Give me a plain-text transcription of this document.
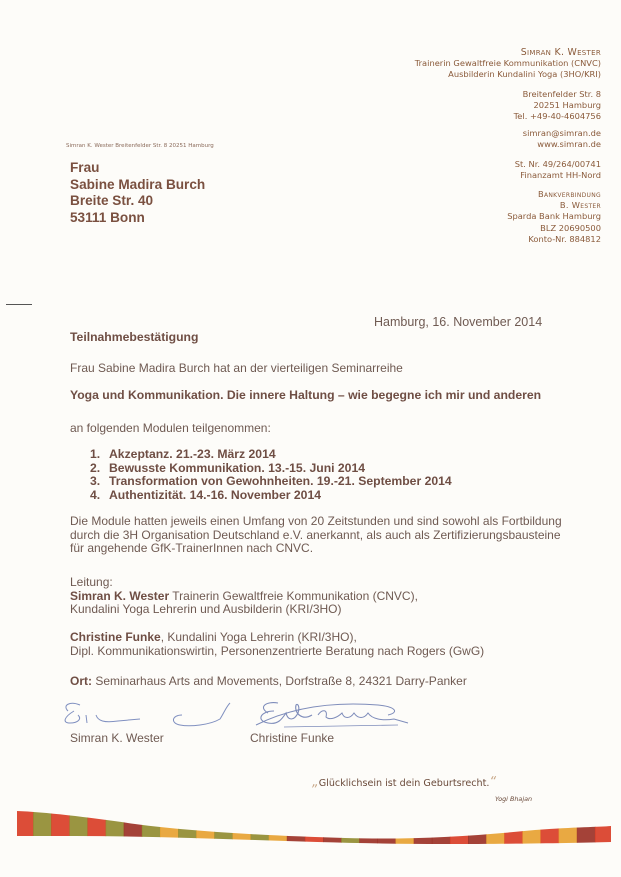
Simran K. Wester
Trainerin Gewaltfreie Kommunikation (CNVC)
Ausbilderin Kundalini Yoga (3HO/KRI)
Breitenfelder Str. 8
20251 Hamburg
Tel. +49-40-4604756
simran@simran.de
www.simran.de
St. Nr. 49/264/00741
Finanzamt HH-Nord
Bankverbindung
B. Wester
Sparda Bank Hamburg
BLZ 20690500
Konto-Nr. 884812
Simran K. Wester Breitenfelder Str. 8 20251 Hamburg
Frau
Sabine Madira Burch
Breite Str. 40
53111 Bonn
Hamburg, 16. November 2014
Teilnahmebestätigung
Frau Sabine Madira Burch hat an der vierteiligen Seminarreihe
Yoga und Kommunikation. Die innere Haltung – wie begegne ich mir und anderen
an folgenden Modulen teilgenommen:
1. Akzeptanz. 21.-23. März 2014
2. Bewusste Kommunikation. 13.-15. Juni 2014
3. Transformation von Gewohnheiten. 19.-21. September 2014
4. Authentizität. 14.-16. November 2014
Die Module hatten jeweils einen Umfang von 20 Zeitstunden und sind sowohl als Fortbildung
durch die 3H Organisation Deutschland e.V. anerkannt, als auch als Zertifizierungsbausteine
für angehende GfK-TrainerInnen nach CNVC.
Leitung:
Simran K. Wester Trainerin Gewaltfreie Kommunikation (CNVC),
Kundalini Yoga Lehrerin und Ausbilderin (KRI/3HO)
Christine Funke, Kundalini Yoga Lehrerin (KRI/3HO),
Dipl. Kommunikationswirtin, Personenzentrierte Beratung nach Rogers (GwG)
Ort: Seminarhaus Arts and Movements, Dorfstraße 8, 24321 Darry-Panker
Simran K. Wester	Christine Funke
„Glücklichsein ist dein Geburtsrecht.“
Yogi Bhajan
